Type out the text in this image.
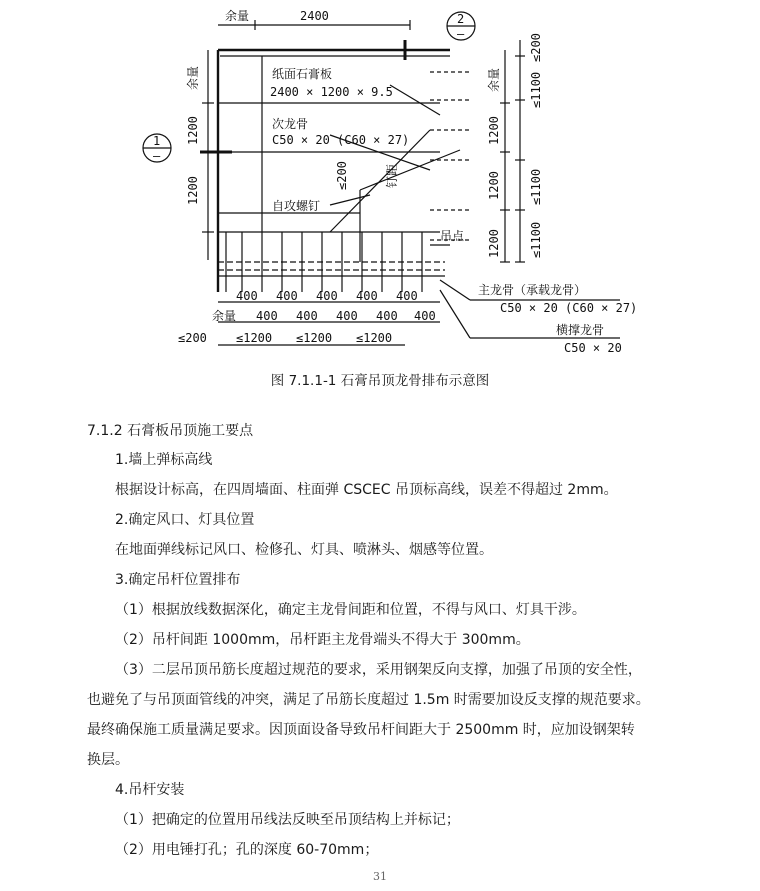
余量	2400	2
—
1
—
余量
1200
1200
纸面石膏板
2400 × 1200 × 9.5
次龙骨
C50 × 20 (C60 × 27)
≤200	钉距
自攻螺钉
吊点
余量
1200
1200
1200
≤200
≤1100
≤1100
≤1100
主龙骨（承载龙骨）
C50 × 20 (C60 × 27)
横撑龙骨
C50 × 20
400 400 400 400 400
余量 400 400 400 400 400
≤200 ≤1200 ≤1200 ≤1200
图 7.1.1-1 石膏吊顶龙骨排布示意图
7.1.2 石膏板吊顶施工要点
1.墙上弹标高线
根据设计标高，在四周墙面、柱面弹 CSCEC 吊顶标高线，误差不得超过 2mm。
2.确定风口、灯具位置
在地面弹线标记风口、检修孔、灯具、喷淋头、烟感等位置。
3.确定吊杆位置排布
（1）根据放线数据深化，确定主龙骨间距和位置，不得与风口、灯具干涉。
（2）吊杆间距 1000mm，吊杆距主龙骨端头不得大于 300mm。
（3）二层吊顶吊筋长度超过规范的要求，采用钢架反向支撑，加强了吊顶的安全性，
也避免了与吊顶面管线的冲突，满足了吊筋长度超过 1.5m 时需要加设反支撑的规范要求。
最终确保施工质量满足要求。因顶面设备导致吊杆间距大于 2500mm 时，应加设钢架转
换层。
4.吊杆安装
（1）把确定的位置用吊线法反映至吊顶结构上并标记；
（2）用电锤打孔；孔的深度 60-70mm；
31
